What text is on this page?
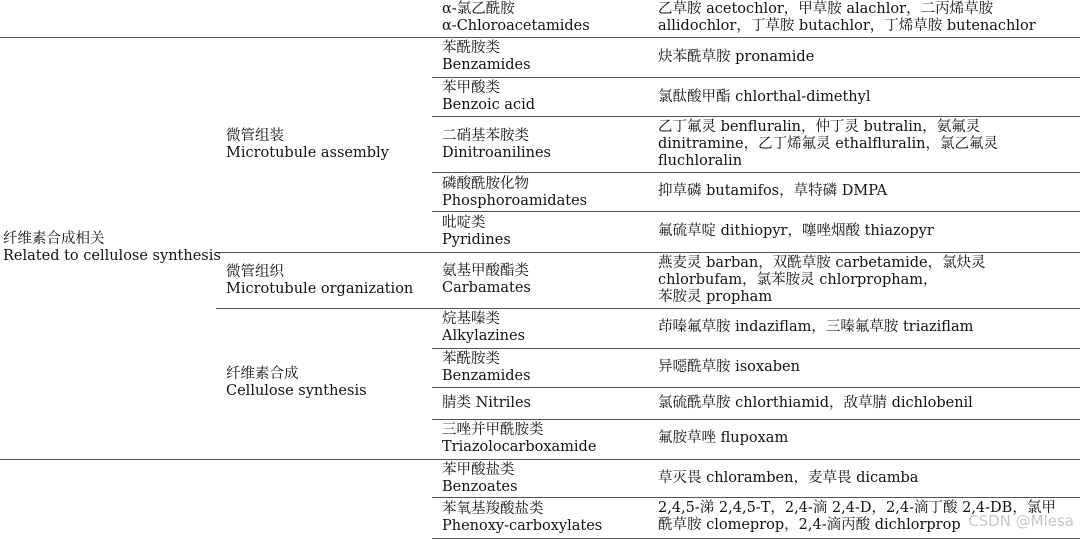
纤维素合成相关
Related to cellulose synthesis
微管组装
Microtubule assembly
微管组织
Microtubule organization
纤维素合成
Cellulose synthesis
α-氯乙酰胺
α-Chloroacetamides
苯酰胺类
Benzamides
苯甲酸类
Benzoic acid
二硝基苯胺类
Dinitroanilines
磷酸酰胺化物
Phosphoroamidates
吡啶类
Pyridines
氨基甲酸酯类
Carbamates
烷基嗪类
Alkylazines
苯酰胺类
Benzamides
腈类 Nitriles
三唑并甲酰胺类
Triazolocarboxamide
苯甲酸盐类
Benzoates
苯氧基羧酸盐类
Phenoxy-carboxylates
乙草胺 acetochlor，甲草胺 alachlor，二丙烯草胺
allidochlor，丁草胺 butachlor，丁烯草胺 butenachlor
炔苯酰草胺 pronamide
氯酞酸甲酯 chlorthal-dimethyl
乙丁氟灵 benfluralin，仲丁灵 butralin，氨氟灵
dinitramine，乙丁烯氟灵 ethalfluralin，氯乙氟灵
fluchloralin
抑草磷 butamifos，草特磷 DMPA
氟硫草啶 dithiopyr，噻唑烟酸 thiazopyr
燕麦灵 barban，双酰草胺 carbetamide，氯炔灵
chlorbufam，氯苯胺灵 chlorpropham，
苯胺灵 propham
茚嗪氟草胺 indaziflam，三嗪氟草胺 triaziflam
异噁酰草胺 isoxaben
氯硫酰草胺 chlorthiamid，敌草腈 dichlobenil
氟胺草唑 flupoxam
草灭畏 chloramben，麦草畏 dicamba
2,4,5-涕 2,4,5-T，2,4-滴 2,4-D，2,4-滴丁酸 2,4-DB，氯甲
酰草胺 clomeprop，2,4-滴丙酸 dichlorprop CSDN @Mlesa
